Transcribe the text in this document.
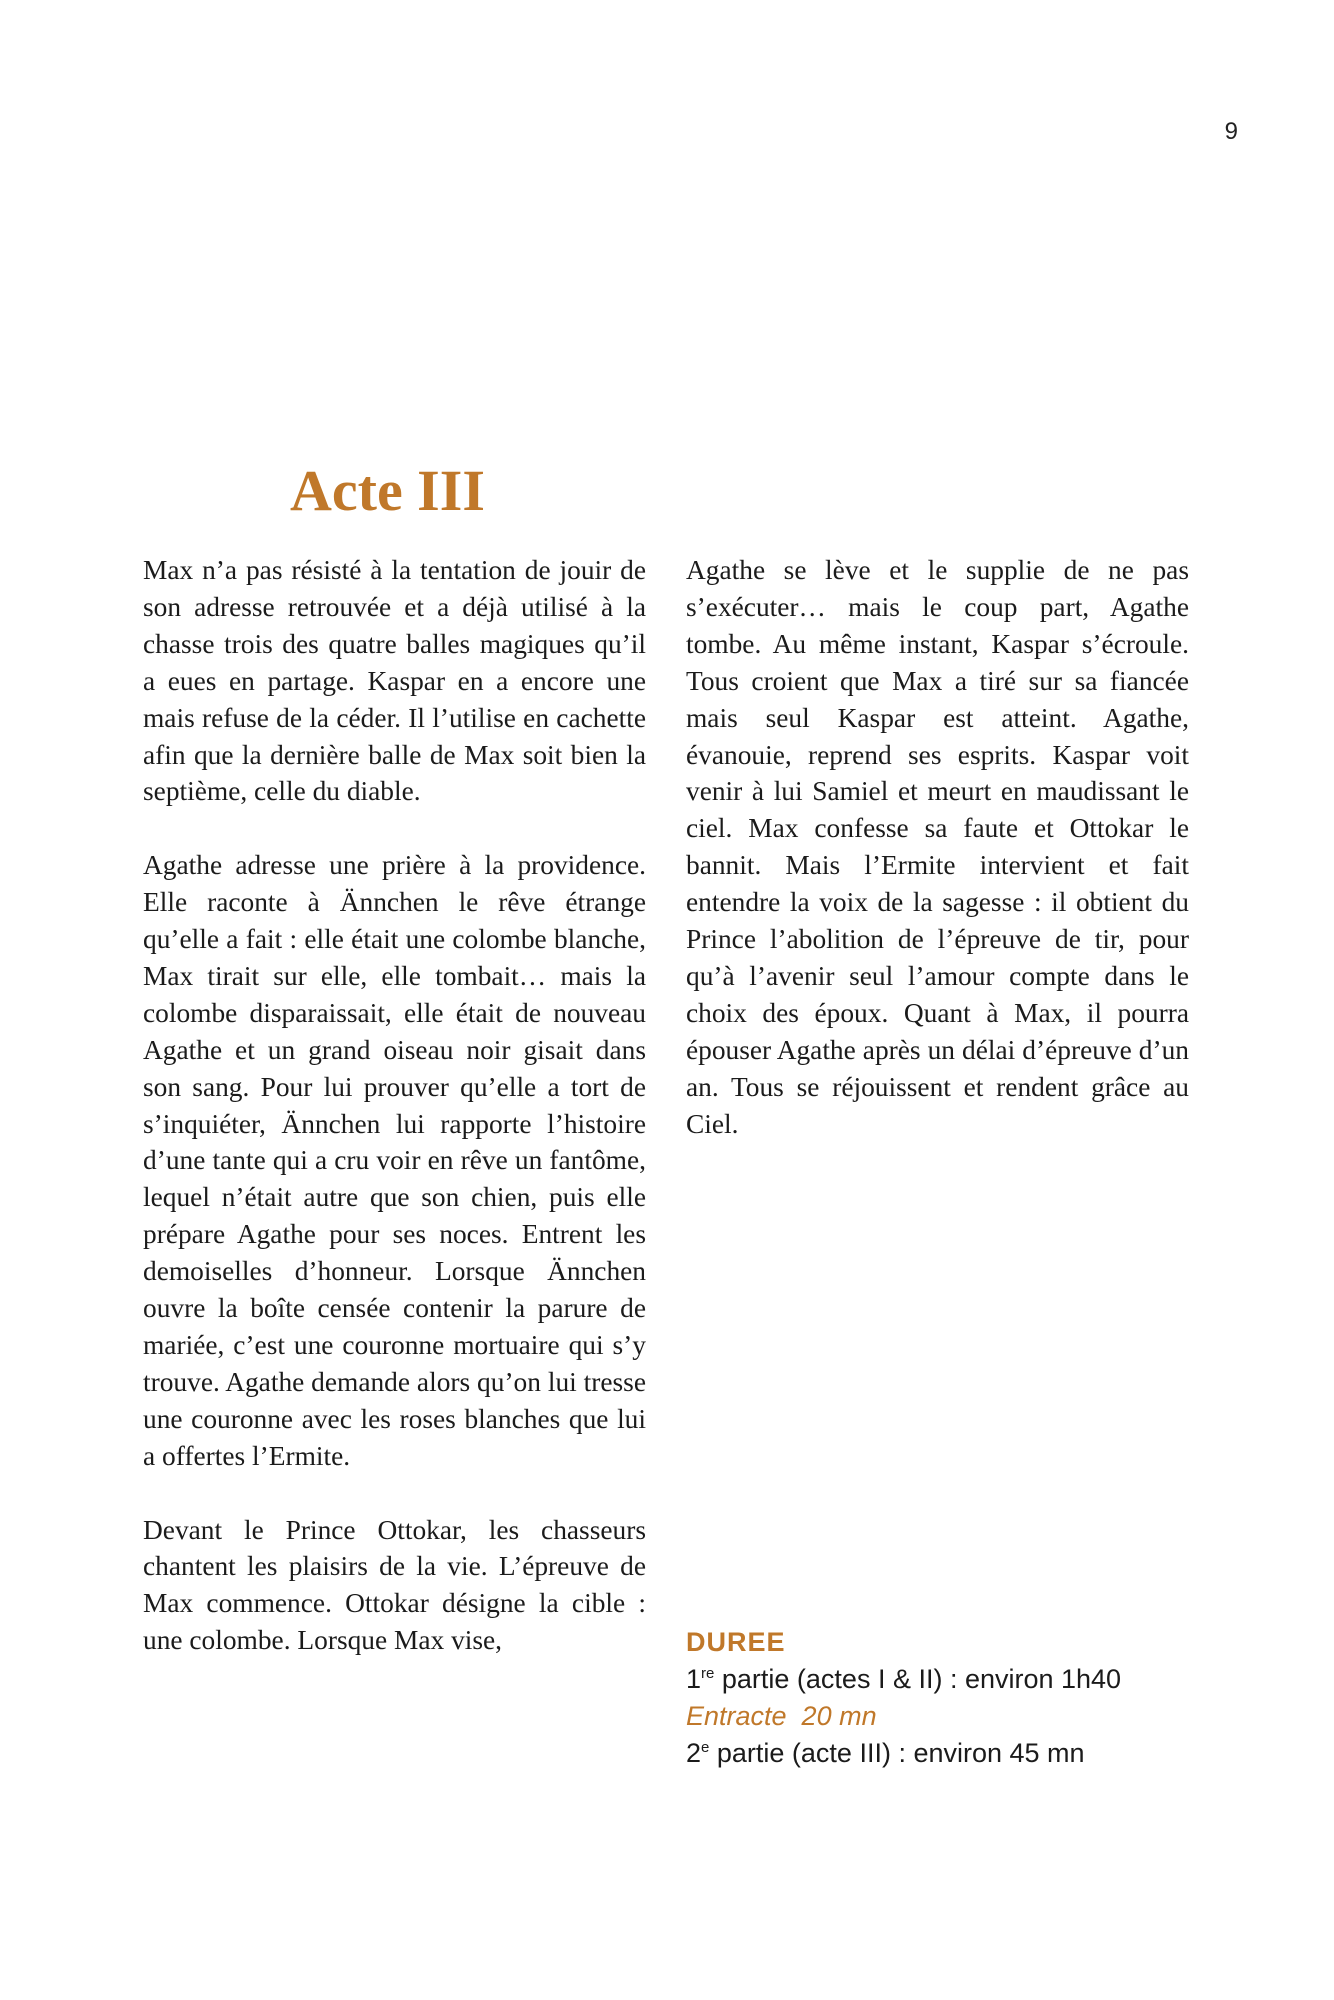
9
Acte III

Max n’a pas résisté à la tentation de jouir de son adresse retrouvée et a déjà utilisé à la chasse trois des quatre balles magiques qu’il a eues en partage. Kaspar en a encore une mais refuse de la céder. Il l’utilise en cachette afin que la dernière balle de Max soit bien la septième, celle du diable.

Agathe adresse une prière à la providence. Elle raconte à Ännchen le rêve étrange qu’elle a fait : elle était une colombe blanche, Max tirait sur elle, elle tombait… mais la colombe disparaissait, elle était de nouveau Agathe et un grand oiseau noir gisait dans son sang. Pour lui prouver qu’elle a tort de s’inquiéter, Ännchen lui rapporte l’histoire d’une tante qui a cru voir en rêve un fantôme, lequel n’était autre que son chien, puis elle prépare Agathe pour ses noces. Entrent les demoiselles d’honneur. Lorsque Ännchen ouvre la boîte censée contenir la parure de mariée, c’est une couronne mortuaire qui s’y trouve. Agathe demande alors qu’on lui tresse une couronne avec les roses blanches que lui a offertes l’Ermite.

Devant le Prince Ottokar, les chasseurs chantent les plaisirs de la vie. L’épreuve de Max commence. Ottokar désigne la cible : une colombe. Lorsque Max vise,

Agathe se lève et le supplie de ne pas s’exécuter… mais le coup part, Agathe tombe. Au même instant, Kaspar s’écroule. Tous croient que Max a tiré sur sa fiancée mais seul Kaspar est atteint. Agathe, évanouie, reprend ses esprits. Kaspar voit venir à lui Samiel et meurt en maudissant le ciel. Max confesse sa faute et Ottokar le bannit. Mais l’Ermite intervient et fait entendre la voix de la sagesse : il obtient du Prince l’abolition de l’épreuve de tir, pour qu’à l’avenir seul l’amour compte dans le choix des époux. Quant à Max, il pourra épouser Agathe après un délai d’épreuve d’un an. Tous se réjouissent et rendent grâce au Ciel.

DUREE
1re partie (actes I & II) : environ 1h40
Entracte  20 mn
2e partie (acte III) : environ 45 mn
